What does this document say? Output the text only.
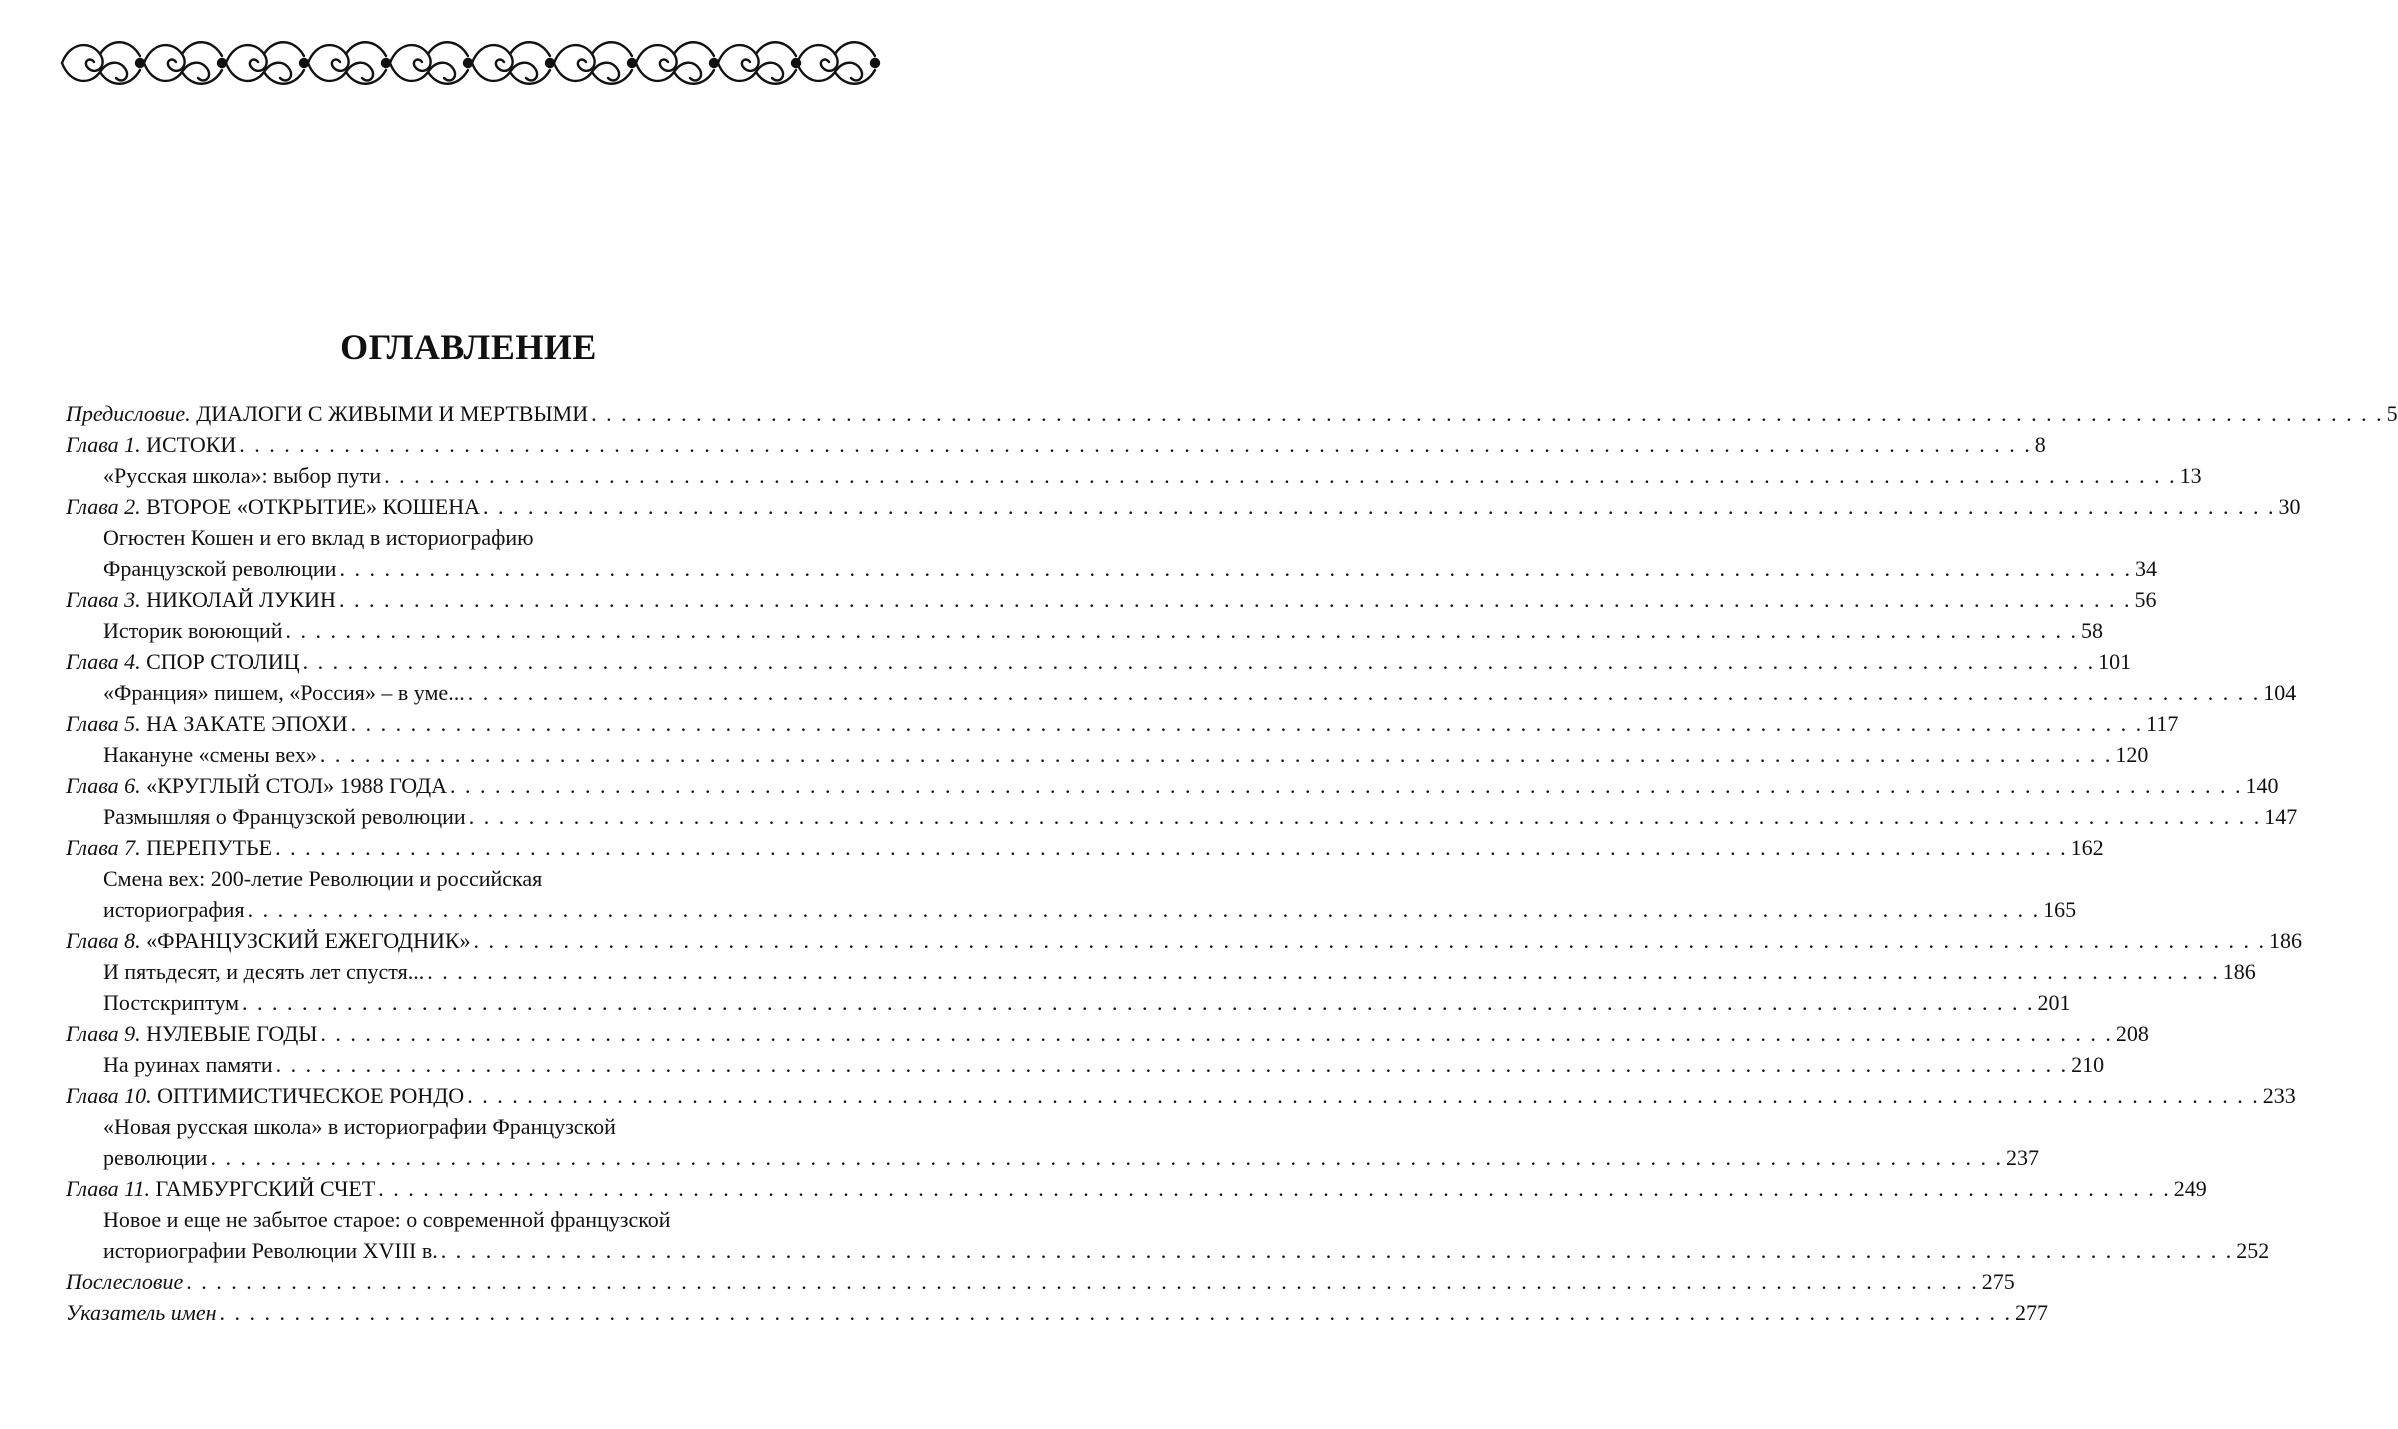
ОГЛАВЛЕНИЕ
Предисловие. ДИАЛОГИ С ЖИВЫМИ И МЕРТВЫМИ . . . . . . . . . . . . . . . . . . . . . . . . . . . . . . . . . . . . . . . . . . . . . . . . . . . . . . . . . . . . . . . . . . . . . . . . . . . . . . . . . . . . . . . . . . . . . . . . . . . . . . . . . . . . . . . . . . . . . . . . 5
Глава 1. ИСТОКИ . . . . . . . . . . . . . . . . . . . . . . . . . . . . . . . . . . . . . . . . . . . . . . . . . . . . . . . . . . . . . . . . . . . . . . . . . . . . . . . . . . . . . . . . . . . . . . . . . . . . . . . . . . . . . . . . . . . . . . . . 8
«Русская школа»: выбор пути . . . . . . . . . . . . . . . . . . . . . . . . . . . . . . . . . . . . . . . . . . . . . . . . . . . . . . . . . . . . . . . . . . . . . . . . . . . . . . . . . . . . . . . . . . . . . . . . . . . . . . . . . . . . . . . . . . . . . . . . 13
Глава 2. ВТОРОЕ «ОТКРЫТИЕ» КОШЕНА . . . . . . . . . . . . . . . . . . . . . . . . . . . . . . . . . . . . . . . . . . . . . . . . . . . . . . . . . . . . . . . . . . . . . . . . . . . . . . . . . . . . . . . . . . . . . . . . . . . . . . . . . . . . . . . . . . . . . . . . 30
Огюстен Кошен и его вклад в историографию
Французской революции . . . . . . . . . . . . . . . . . . . . . . . . . . . . . . . . . . . . . . . . . . . . . . . . . . . . . . . . . . . . . . . . . . . . . . . . . . . . . . . . . . . . . . . . . . . . . . . . . . . . . . . . . . . . . . . . . . . . . . . . 34
Глава 3. НИКОЛАЙ ЛУКИН . . . . . . . . . . . . . . . . . . . . . . . . . . . . . . . . . . . . . . . . . . . . . . . . . . . . . . . . . . . . . . . . . . . . . . . . . . . . . . . . . . . . . . . . . . . . . . . . . . . . . . . . . . . . . . . . . . . . . . . . 56
Историк воюющий . . . . . . . . . . . . . . . . . . . . . . . . . . . . . . . . . . . . . . . . . . . . . . . . . . . . . . . . . . . . . . . . . . . . . . . . . . . . . . . . . . . . . . . . . . . . . . . . . . . . . . . . . . . . . . . . . . . . . . . . 58
Глава 4. СПОР СТОЛИЦ . . . . . . . . . . . . . . . . . . . . . . . . . . . . . . . . . . . . . . . . . . . . . . . . . . . . . . . . . . . . . . . . . . . . . . . . . . . . . . . . . . . . . . . . . . . . . . . . . . . . . . . . . . . . . . . . . . . . . . . . 101
«Франция» пишем, «Россия» – в уме... . . . . . . . . . . . . . . . . . . . . . . . . . . . . . . . . . . . . . . . . . . . . . . . . . . . . . . . . . . . . . . . . . . . . . . . . . . . . . . . . . . . . . . . . . . . . . . . . . . . . . . . . . . . . . . . . . . . . . . . . 104
Глава 5. НА ЗАКАТЕ ЭПОХИ . . . . . . . . . . . . . . . . . . . . . . . . . . . . . . . . . . . . . . . . . . . . . . . . . . . . . . . . . . . . . . . . . . . . . . . . . . . . . . . . . . . . . . . . . . . . . . . . . . . . . . . . . . . . . . . . . . . . . . . . 117
Накануне «смены вех» . . . . . . . . . . . . . . . . . . . . . . . . . . . . . . . . . . . . . . . . . . . . . . . . . . . . . . . . . . . . . . . . . . . . . . . . . . . . . . . . . . . . . . . . . . . . . . . . . . . . . . . . . . . . . . . . . . . . . . . . 120
Глава 6. «КРУГЛЫЙ СТОЛ» 1988 ГОДА . . . . . . . . . . . . . . . . . . . . . . . . . . . . . . . . . . . . . . . . . . . . . . . . . . . . . . . . . . . . . . . . . . . . . . . . . . . . . . . . . . . . . . . . . . . . . . . . . . . . . . . . . . . . . . . . . . . . . . . . 140
Размышляя о Французской революции . . . . . . . . . . . . . . . . . . . . . . . . . . . . . . . . . . . . . . . . . . . . . . . . . . . . . . . . . . . . . . . . . . . . . . . . . . . . . . . . . . . . . . . . . . . . . . . . . . . . . . . . . . . . . . . . . . . . . . . . 147
Глава 7. ПЕРЕПУТЬЕ . . . . . . . . . . . . . . . . . . . . . . . . . . . . . . . . . . . . . . . . . . . . . . . . . . . . . . . . . . . . . . . . . . . . . . . . . . . . . . . . . . . . . . . . . . . . . . . . . . . . . . . . . . . . . . . . . . . . . . . . 162
Смена вех: 200-летие Революции и российская
историография . . . . . . . . . . . . . . . . . . . . . . . . . . . . . . . . . . . . . . . . . . . . . . . . . . . . . . . . . . . . . . . . . . . . . . . . . . . . . . . . . . . . . . . . . . . . . . . . . . . . . . . . . . . . . . . . . . . . . . . . 165
Глава 8. «ФРАНЦУЗСКИЙ ЕЖЕГОДНИК» . . . . . . . . . . . . . . . . . . . . . . . . . . . . . . . . . . . . . . . . . . . . . . . . . . . . . . . . . . . . . . . . . . . . . . . . . . . . . . . . . . . . . . . . . . . . . . . . . . . . . . . . . . . . . . . . . . . . . . . . 186
И пятьдесят, и десять лет спустя... . . . . . . . . . . . . . . . . . . . . . . . . . . . . . . . . . . . . . . . . . . . . . . . . . . . . . . . . . . . . . . . . . . . . . . . . . . . . . . . . . . . . . . . . . . . . . . . . . . . . . . . . . . . . . . . . . . . . . . . . 186
Постскриптум . . . . . . . . . . . . . . . . . . . . . . . . . . . . . . . . . . . . . . . . . . . . . . . . . . . . . . . . . . . . . . . . . . . . . . . . . . . . . . . . . . . . . . . . . . . . . . . . . . . . . . . . . . . . . . . . . . . . . . . . 201
Глава 9. НУЛЕВЫЕ ГОДЫ . . . . . . . . . . . . . . . . . . . . . . . . . . . . . . . . . . . . . . . . . . . . . . . . . . . . . . . . . . . . . . . . . . . . . . . . . . . . . . . . . . . . . . . . . . . . . . . . . . . . . . . . . . . . . . . . . . . . . . . . 208
На руинах памяти . . . . . . . . . . . . . . . . . . . . . . . . . . . . . . . . . . . . . . . . . . . . . . . . . . . . . . . . . . . . . . . . . . . . . . . . . . . . . . . . . . . . . . . . . . . . . . . . . . . . . . . . . . . . . . . . . . . . . . . . 210
Глава 10. ОПТИМИСТИЧЕСКОЕ РОНДО . . . . . . . . . . . . . . . . . . . . . . . . . . . . . . . . . . . . . . . . . . . . . . . . . . . . . . . . . . . . . . . . . . . . . . . . . . . . . . . . . . . . . . . . . . . . . . . . . . . . . . . . . . . . . . . . . . . . . . . . 233
«Новая русская школа» в историографии Французской
революции . . . . . . . . . . . . . . . . . . . . . . . . . . . . . . . . . . . . . . . . . . . . . . . . . . . . . . . . . . . . . . . . . . . . . . . . . . . . . . . . . . . . . . . . . . . . . . . . . . . . . . . . . . . . . . . . . . . . . . . . 237
Глава 11. ГАМБУРГСКИЙ СЧЕТ . . . . . . . . . . . . . . . . . . . . . . . . . . . . . . . . . . . . . . . . . . . . . . . . . . . . . . . . . . . . . . . . . . . . . . . . . . . . . . . . . . . . . . . . . . . . . . . . . . . . . . . . . . . . . . . . . . . . . . . . 249
Новое и еще не забытое старое: о современной французской
историографии Революции XVIII в. . . . . . . . . . . . . . . . . . . . . . . . . . . . . . . . . . . . . . . . . . . . . . . . . . . . . . . . . . . . . . . . . . . . . . . . . . . . . . . . . . . . . . . . . . . . . . . . . . . . . . . . . . . . . . . . . . . . . . . . . 252
Послесловие . . . . . . . . . . . . . . . . . . . . . . . . . . . . . . . . . . . . . . . . . . . . . . . . . . . . . . . . . . . . . . . . . . . . . . . . . . . . . . . . . . . . . . . . . . . . . . . . . . . . . . . . . . . . . . . . . . . . . . . . 275
Указатель имен . . . . . . . . . . . . . . . . . . . . . . . . . . . . . . . . . . . . . . . . . . . . . . . . . . . . . . . . . . . . . . . . . . . . . . . . . . . . . . . . . . . . . . . . . . . . . . . . . . . . . . . . . . . . . . . . . . . . . . . . 277
